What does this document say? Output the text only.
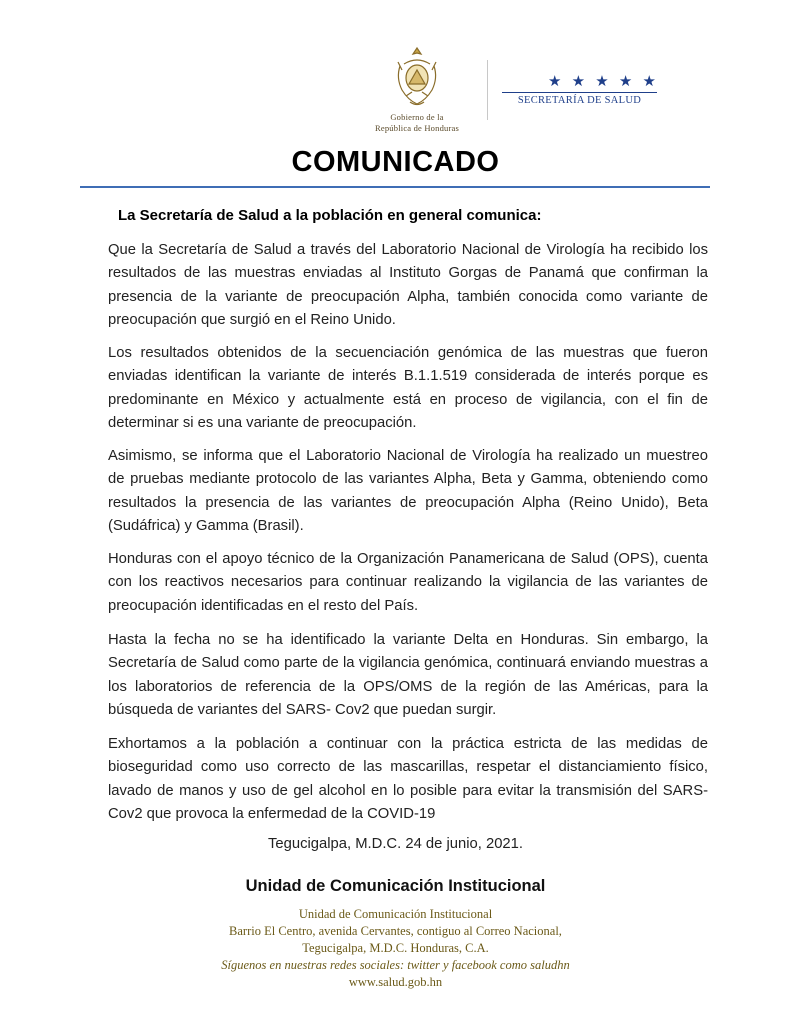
Gobierno de la
República de Honduras
★ ★ ★ ★ ★
SECRETARÍA DE SALUD
COMUNICADO
La Secretaría de Salud a la población en general comunica:
Que la Secretaría de Salud a través del Laboratorio Nacional de Virología ha recibido los resultados de las muestras enviadas al Instituto Gorgas de Panamá que confirman la presencia de la variante de preocupación Alpha, también conocida como variante de preocupación que surgió en el Reino Unido.
Los resultados obtenidos de la secuenciación genómica de las muestras que fueron enviadas identifican la variante de interés B.1.1.519 considerada de interés porque es predominante en México y actualmente está en proceso de vigilancia, con el fin de determinar si es una variante de preocupación.
Asimismo, se informa que el Laboratorio Nacional de Virología ha realizado un muestreo de pruebas mediante protocolo de las variantes Alpha, Beta y Gamma, obteniendo como resultados la presencia de las variantes de preocupación Alpha (Reino Unido), Beta (Sudáfrica) y Gamma (Brasil).
Honduras con el apoyo técnico de la Organización Panamericana de Salud (OPS), cuenta con los reactivos necesarios para continuar realizando la vigilancia de las variantes de preocupación identificadas en el resto del País.
Hasta la fecha no se ha identificado la variante Delta en Honduras. Sin embargo, la Secretaría de Salud como parte de la vigilancia genómica, continuará enviando muestras a los laboratorios de referencia de la OPS/OMS de la región de las Américas, para la búsqueda de variantes del SARS- Cov2 que puedan surgir.
Exhortamos a la población a continuar con la práctica estricta de las medidas de bioseguridad como uso correcto de las mascarillas, respetar el distanciamiento físico, lavado de manos y uso de gel alcohol en lo posible para evitar la transmisión del SARS- Cov2 que provoca la enfermedad de la COVID-19
Tegucigalpa, M.D.C. 24 de junio, 2021.
Unidad de Comunicación Institucional
Unidad de Comunicación Institucional
Barrio El Centro, avenida Cervantes, contiguo al Correo Nacional,
Tegucigalpa, M.D.C. Honduras, C.A.
Síguenos en nuestras redes sociales: twitter y facebook como saludhn
www.salud.gob.hn
